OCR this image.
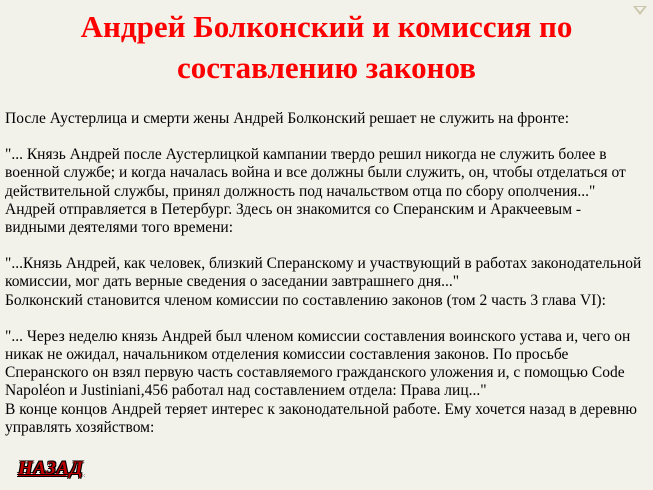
Андрей Болконский и комиссия по
составлению законов

После Аустерлица и смерти жены Андрей Болконский решает не служить на фронте:

"... Князь Андрей после Аустерлицкой кампании твердо решил никогда не служить более в военной службе; и когда началась война и все должны были служить, он, чтобы отделаться от действительной службы, принял должность под начальством отца по сбору ополчения..."

Андрей отправляется в Петербург. Здесь он знакомится со Сперанским и Аракчеевым - видными деятелями того времени:

"...Князь Андрей, как человек, близкий Сперанскому и участвующий в работах законодательной комиссии, мог дать верные сведения о заседании завтрашнего дня..."

Болконский становится членом комиссии по составлению законов (том 2 часть 3 глава VI):

"... Через неделю князь Андрей был членом комиссии составления воинского устава и, чего он никак не ожидал, начальником отделения комиссии составления законов. По просьбе Сперанского он взял первую часть составляемого гражданского уложения и, с помощью Code Napoléon и Justiniani,456 работал над составлением отдела: Права лиц..."

В конце концов Андрей теряет интерес к законодательной работе. Ему хочется назад в деревню управлять хозяйством:

НАЗАД
